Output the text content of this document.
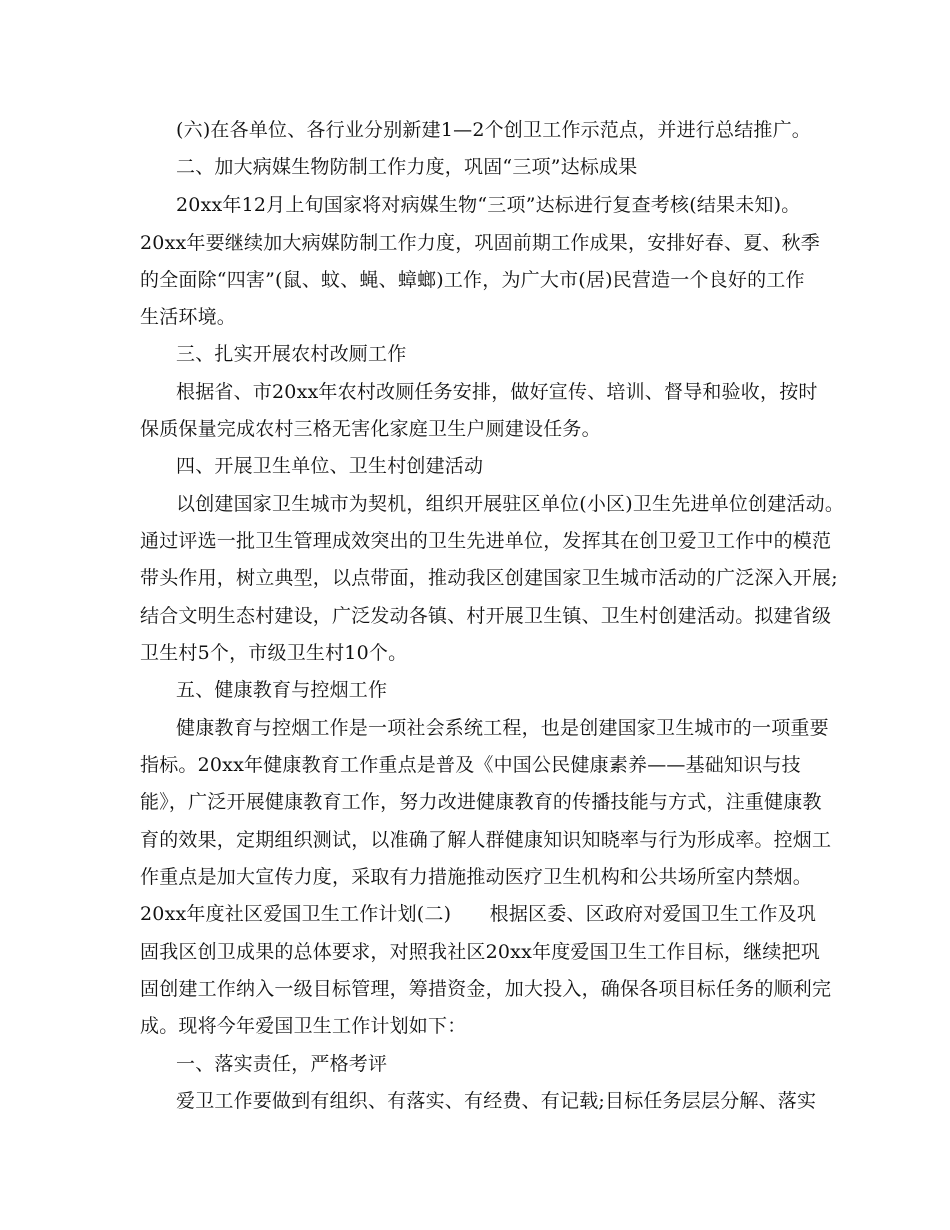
(六)在各单位、各行业分别新建1—2个创卫工作示范点，并进行总结推广。
二、加大病媒生物防制工作力度，巩固“三项”达标成果
20xx年12月上旬国家将对病媒生物“三项”达标进行复查考核(结果未知)。
20xx年要继续加大病媒防制工作力度，巩固前期工作成果，安排好春、夏、秋季
的全面除“四害”(鼠、蚊、蝇、蟑螂)工作，为广大市(居)民营造一个良好的工作
生活环境。
三、扎实开展农村改厕工作
根据省、市20xx年农村改厕任务安排，做好宣传、培训、督导和验收，按时
保质保量完成农村三格无害化家庭卫生户厕建设任务。
四、开展卫生单位、卫生村创建活动
以创建国家卫生城市为契机，组织开展驻区单位(小区)卫生先进单位创建活动。
通过评选一批卫生管理成效突出的卫生先进单位，发挥其在创卫爱卫工作中的模范
带头作用，树立典型，以点带面，推动我区创建国家卫生城市活动的广泛深入开展;
结合文明生态村建设，广泛发动各镇、村开展卫生镇、卫生村创建活动。拟建省级
卫生村5个，市级卫生村10个。
五、健康教育与控烟工作
健康教育与控烟工作是一项社会系统工程，也是创建国家卫生城市的一项重要
指标。20xx年健康教育工作重点是普及《中国公民健康素养——基础知识与技
能》，广泛开展健康教育工作，努力改进健康教育的传播技能与方式，注重健康教
育的效果，定期组织测试，以准确了解人群健康知识知晓率与行为形成率。控烟工
作重点是加大宣传力度，采取有力措施推动医疗卫生机构和公共场所室内禁烟。
20xx年度社区爱国卫生工作计划(二)　　根据区委、区政府对爱国卫生工作及巩
固我区创卫成果的总体要求，对照我社区20xx年度爱国卫生工作目标，继续把巩
固创建工作纳入一级目标管理，筹措资金，加大投入，确保各项目标任务的顺利完
成。现将今年爱国卫生工作计划如下：
一、落实责任，严格考评
爱卫工作要做到有组织、有落实、有经费、有记载;目标任务层层分解、落实
